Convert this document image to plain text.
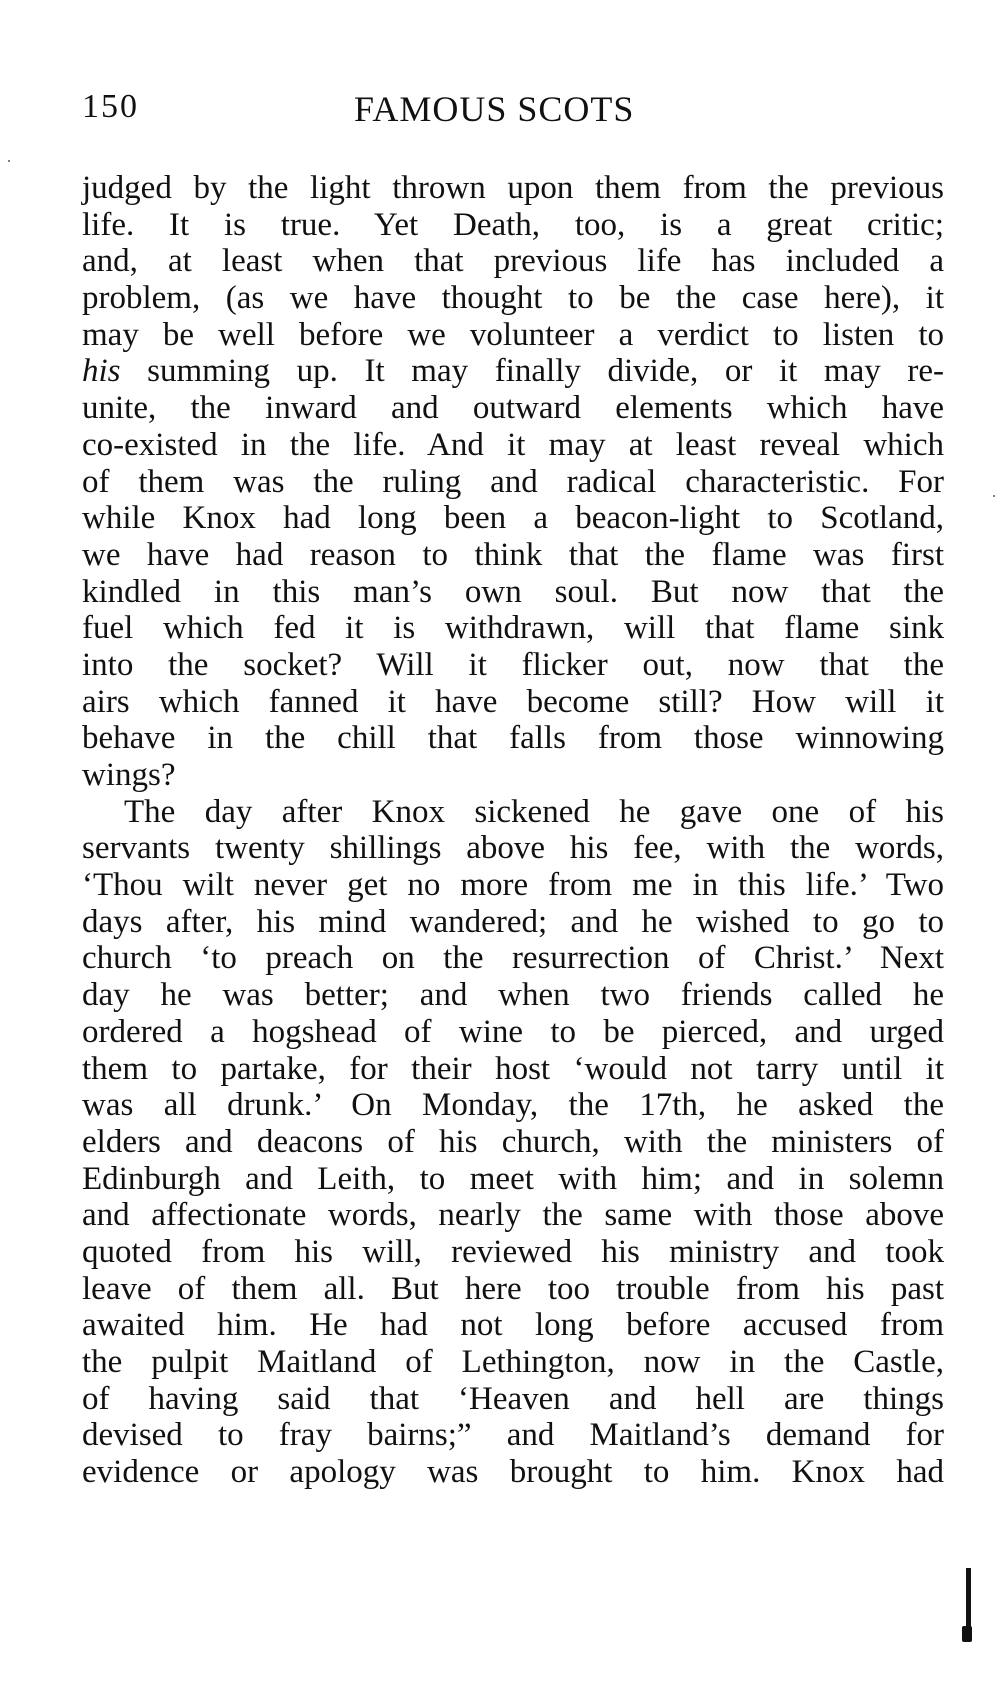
150	FAMOUS SCOTS
judged by the light thrown upon them from the previous
life. It is true. Yet Death, too, is a great critic;
and, at least when that previous life has included a
problem, (as we have thought to be the case here), it
may be well before we volunteer a verdict to listen to
his summing up. It may finally divide, or it may re-
unite, the inward and outward elements which have
co-existed in the life. And it may at least reveal which
of them was the ruling and radical characteristic. For
while Knox had long been a beacon-light to Scotland,
we have had reason to think that the flame was first
kindled in this man’s own soul. But now that the
fuel which fed it is withdrawn, will that flame sink
into the socket? Will it flicker out, now that the
airs which fanned it have become still? How will it
behave in the chill that falls from those winnowing
wings?
The day after Knox sickened he gave one of his
servants twenty shillings above his fee, with the words,
‘Thou wilt never get no more from me in this life.’ Two
days after, his mind wandered; and he wished to go to
church ‘to preach on the resurrection of Christ.’ Next
day he was better; and when two friends called he
ordered a hogshead of wine to be pierced, and urged
them to partake, for their host ‘would not tarry until it
was all drunk.’ On Monday, the 17th, he asked the
elders and deacons of his church, with the ministers of
Edinburgh and Leith, to meet with him; and in solemn
and affectionate words, nearly the same with those above
quoted from his will, reviewed his ministry and took
leave of them all. But here too trouble from his past
awaited him. He had not long before accused from
the pulpit Maitland of Lethington, now in the Castle,
of having said that ‘Heaven and hell are things
devised to fray bairns;” and Maitland’s demand for
evidence or apology was brought to him. Knox had
